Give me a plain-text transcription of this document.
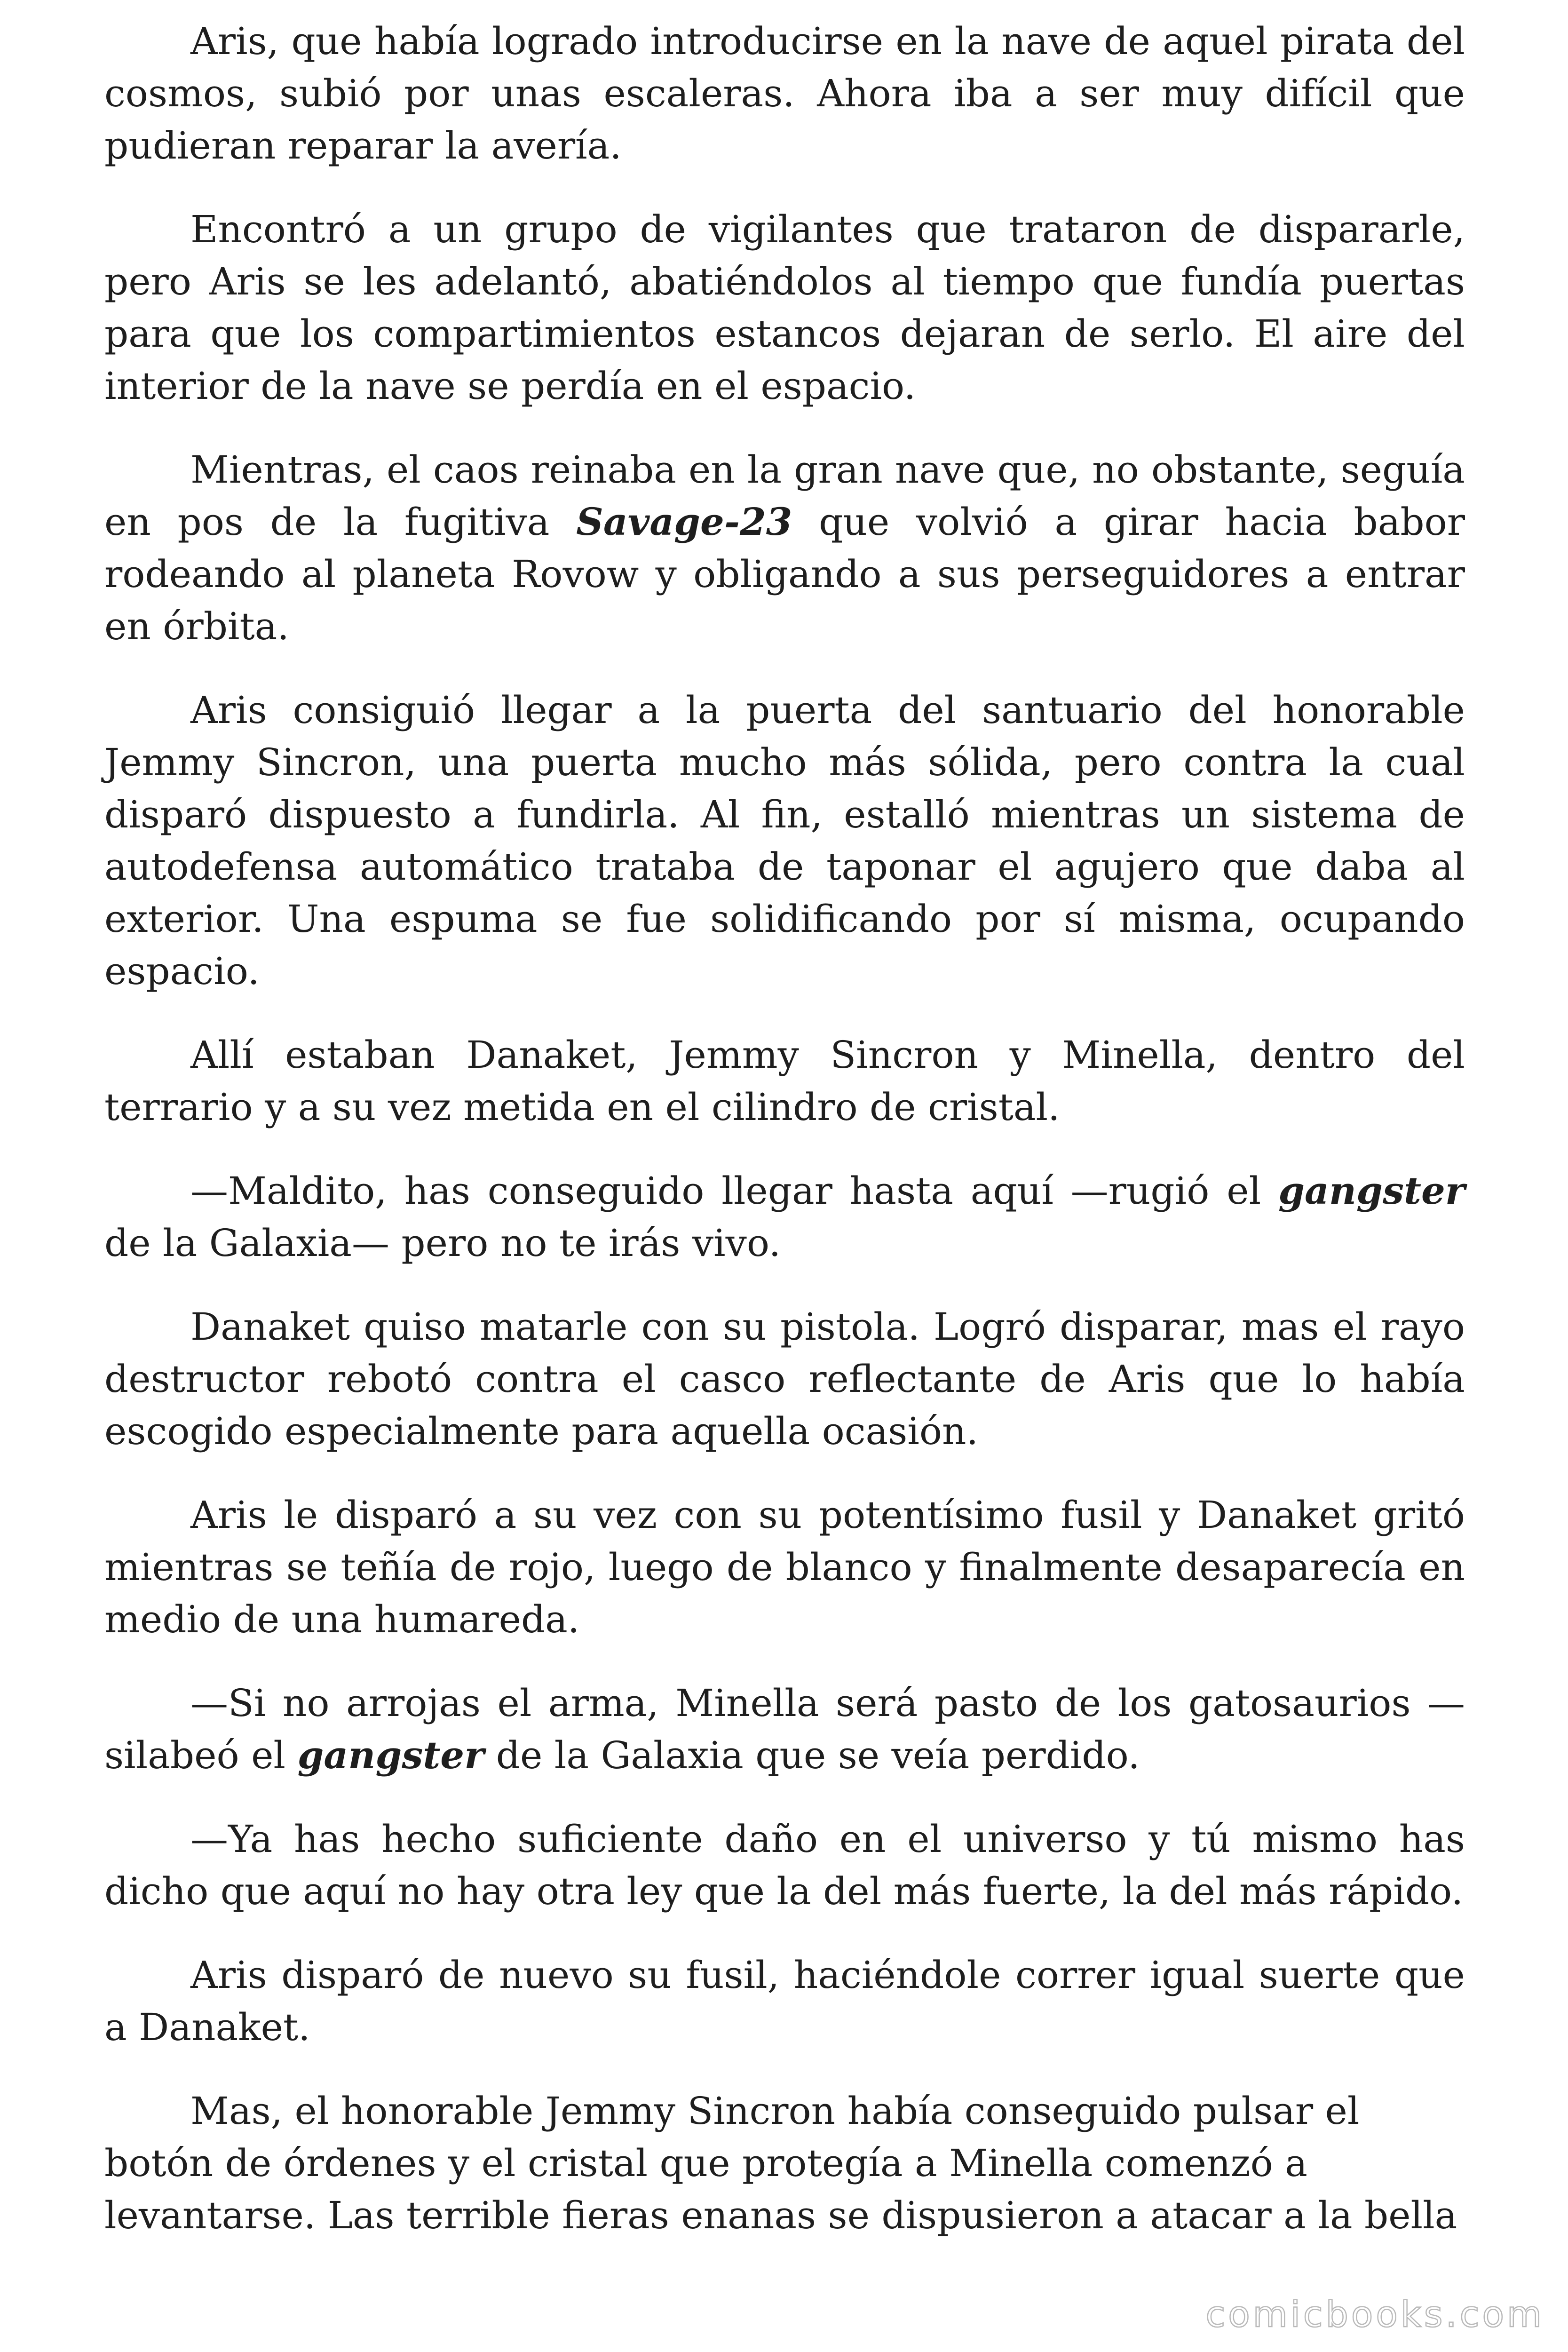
Aris, que había logrado introducirse en la nave de aquel pirata del cosmos, subió por unas escaleras. Ahora iba a ser muy difícil que pudieran reparar la avería.

Encontró a un grupo de vigilantes que trataron de dispararle, pero Aris se les adelantó, abatiéndolos al tiempo que fundía puertas para que los compartimientos estancos dejaran de serlo. El aire del interior de la nave se perdía en el espacio.

Mientras, el caos reinaba en la gran nave que, no obstante, seguía en pos de la fugitiva Savage-23 que volvió a girar hacia babor rodeando al planeta Rovow y obligando a sus perseguidores a entrar en órbita.

Aris consiguió llegar a la puerta del santuario del honorable Jemmy Sincron, una puerta mucho más sólida, pero contra la cual disparó dispuesto a fundirla. Al fin, estalló mientras un sistema de autodefensa automático trataba de taponar el agujero que daba al exterior. Una espuma se fue solidificando por sí misma, ocupando espacio.

Allí estaban Danaket, Jemmy Sincron y Minella, dentro del terrario y a su vez metida en el cilindro de cristal.

—Maldito, has conseguido llegar hasta aquí —rugió el gangster de la Galaxia— pero no te irás vivo.

Danaket quiso matarle con su pistola. Logró disparar, mas el rayo destructor rebotó contra el casco reflectante de Aris que lo había escogido especialmente para aquella ocasión.

Aris le disparó a su vez con su potentísimo fusil y Danaket gritó mientras se teñía de rojo, luego de blanco y finalmente desaparecía en medio de una humareda.

—Si no arrojas el arma, Minella será pasto de los gatosaurios —silabeó el gangster de la Galaxia que se veía perdido.

—Ya has hecho suficiente daño en el universo y tú mismo has dicho que aquí no hay otra ley que la del más fuerte, la del más rápido.

Aris disparó de nuevo su fusil, haciéndole correr igual suerte que a Danaket.

Mas, el honorable Jemmy Sincron había conseguido pulsar el botón de órdenes y el cristal que protegía a Minella comenzó a levantarse. Las terrible fieras enanas se dispusieron a atacar a la bella

comicbooks.com
